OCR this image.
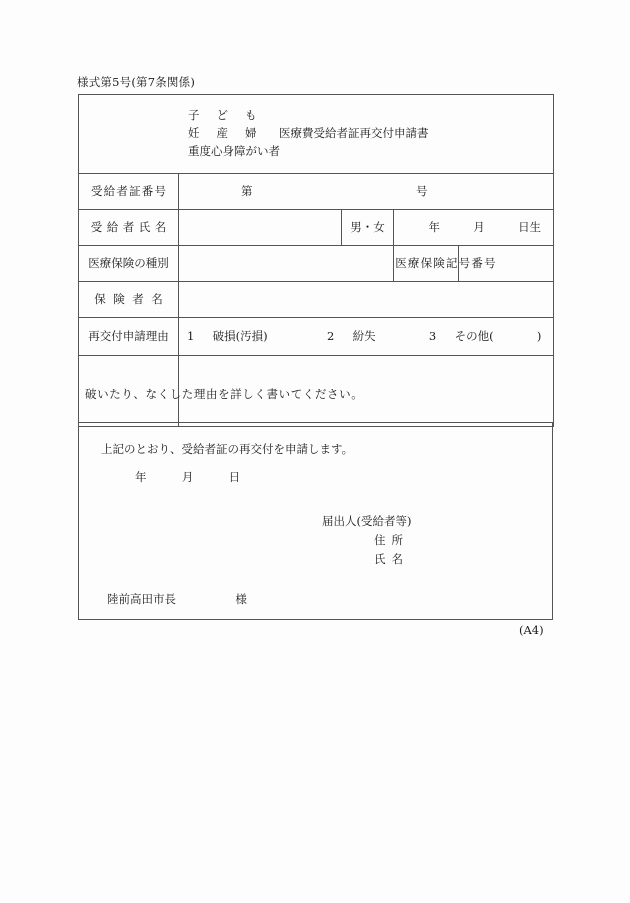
様式第5号(第7条関係)
子ども
妊産婦 医療費受給者証再交付申請書
重度心身障がい者				

受給者証番号	第 号			

受給者氏名		男・女	年 月 日生	

医療保険の種別			医療保険記号番号	
保険者名				
再交付申請理由	1 破損(汚損) 2 紛失 3 その他( )			

破いたり、なくした理由を詳しく書いてください。				

上記のとおり、受給者証の再交付を申請します。
年	月	日
届出人(受給者等)
住所
氏名
陸前高田市長	様
(A4)
